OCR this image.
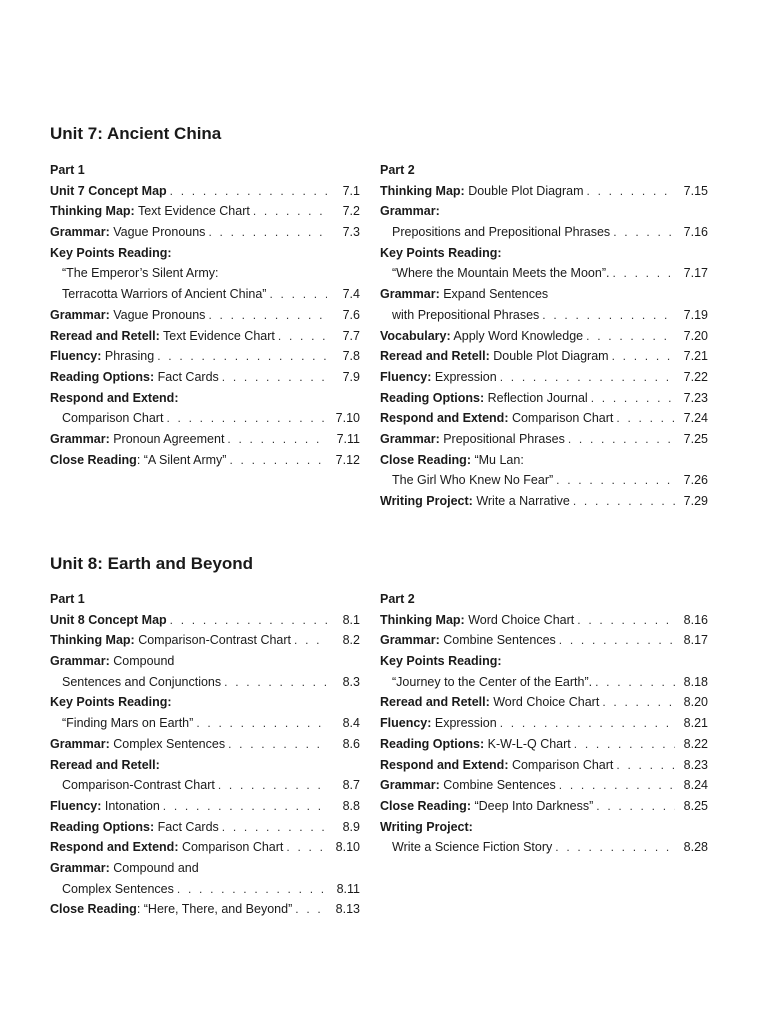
Unit 7: Ancient China
Part 1
Unit 7 Concept Map . . .	7.1
Thinking Map: Text Evidence Chart . . .	7.2
Grammar: Vague Pronouns . . .	7.3
Key Points Reading:
“The Emperor’s Silent Army:
Terracotta Warriors of Ancient China” . . .	7.4
Grammar: Vague Pronouns . . .	7.6
Reread and Retell: Text Evidence Chart . . .	7.7
Fluency: Phrasing . . .	7.8
Reading Options: Fact Cards . . .	7.9
Respond and Extend:
Comparison Chart . . .	7.10
Grammar: Pronoun Agreement . . .	7.11
Close Reading: “A Silent Army” . . .	7.12
Part 2
Thinking Map: Double Plot Diagram . . .	7.15
Grammar:
Prepositions and Prepositional Phrases . . .	7.16
Key Points Reading:
“Where the Mountain Meets the Moon”. . . .	7.17
Grammar: Expand Sentences
with Prepositional Phrases . . .	7.19
Vocabulary: Apply Word Knowledge . . .	7.20
Reread and Retell: Double Plot Diagram . . .	7.21
Fluency: Expression . . .	7.22
Reading Options: Reflection Journal . . .	7.23
Respond and Extend: Comparison Chart . . .	7.24
Grammar: Prepositional Phrases . . .	7.25
Close Reading: “Mu Lan:
The Girl Who Knew No Fear” . . .	7.26
Writing Project: Write a Narrative . . .	7.29
Unit 8: Earth and Beyond
Part 1
Unit 8 Concept Map . . .	8.1
Thinking Map: Comparison-Contrast Chart . . .	8.2
Grammar: Compound
Sentences and Conjunctions . . .	8.3
Key Points Reading:
“Finding Mars on Earth” . . .	8.4
Grammar: Complex Sentences . . .	8.6
Reread and Retell:
Comparison-Contrast Chart . . .	8.7
Fluency: Intonation . . .	8.8
Reading Options: Fact Cards . . .	8.9
Respond and Extend: Comparison Chart . . .	8.10
Grammar: Compound and
Complex Sentences . . .	8.11
Close Reading: “Here, There, and Beyond” . . .	8.13
Part 2
Thinking Map: Word Choice Chart . . .	8.16
Grammar: Combine Sentences . . .	8.17
Key Points Reading:
“Journey to the Center of the Earth”. . . .	8.18
Reread and Retell: Word Choice Chart . . .	8.20
Fluency: Expression . . .	8.21
Reading Options: K-W-L-Q Chart . . .	8.22
Respond and Extend: Comparison Chart . . .	8.23
Grammar: Combine Sentences . . .	8.24
Close Reading: “Deep Into Darkness” . . .	8.25
Writing Project:
Write a Science Fiction Story . . .	8.28
